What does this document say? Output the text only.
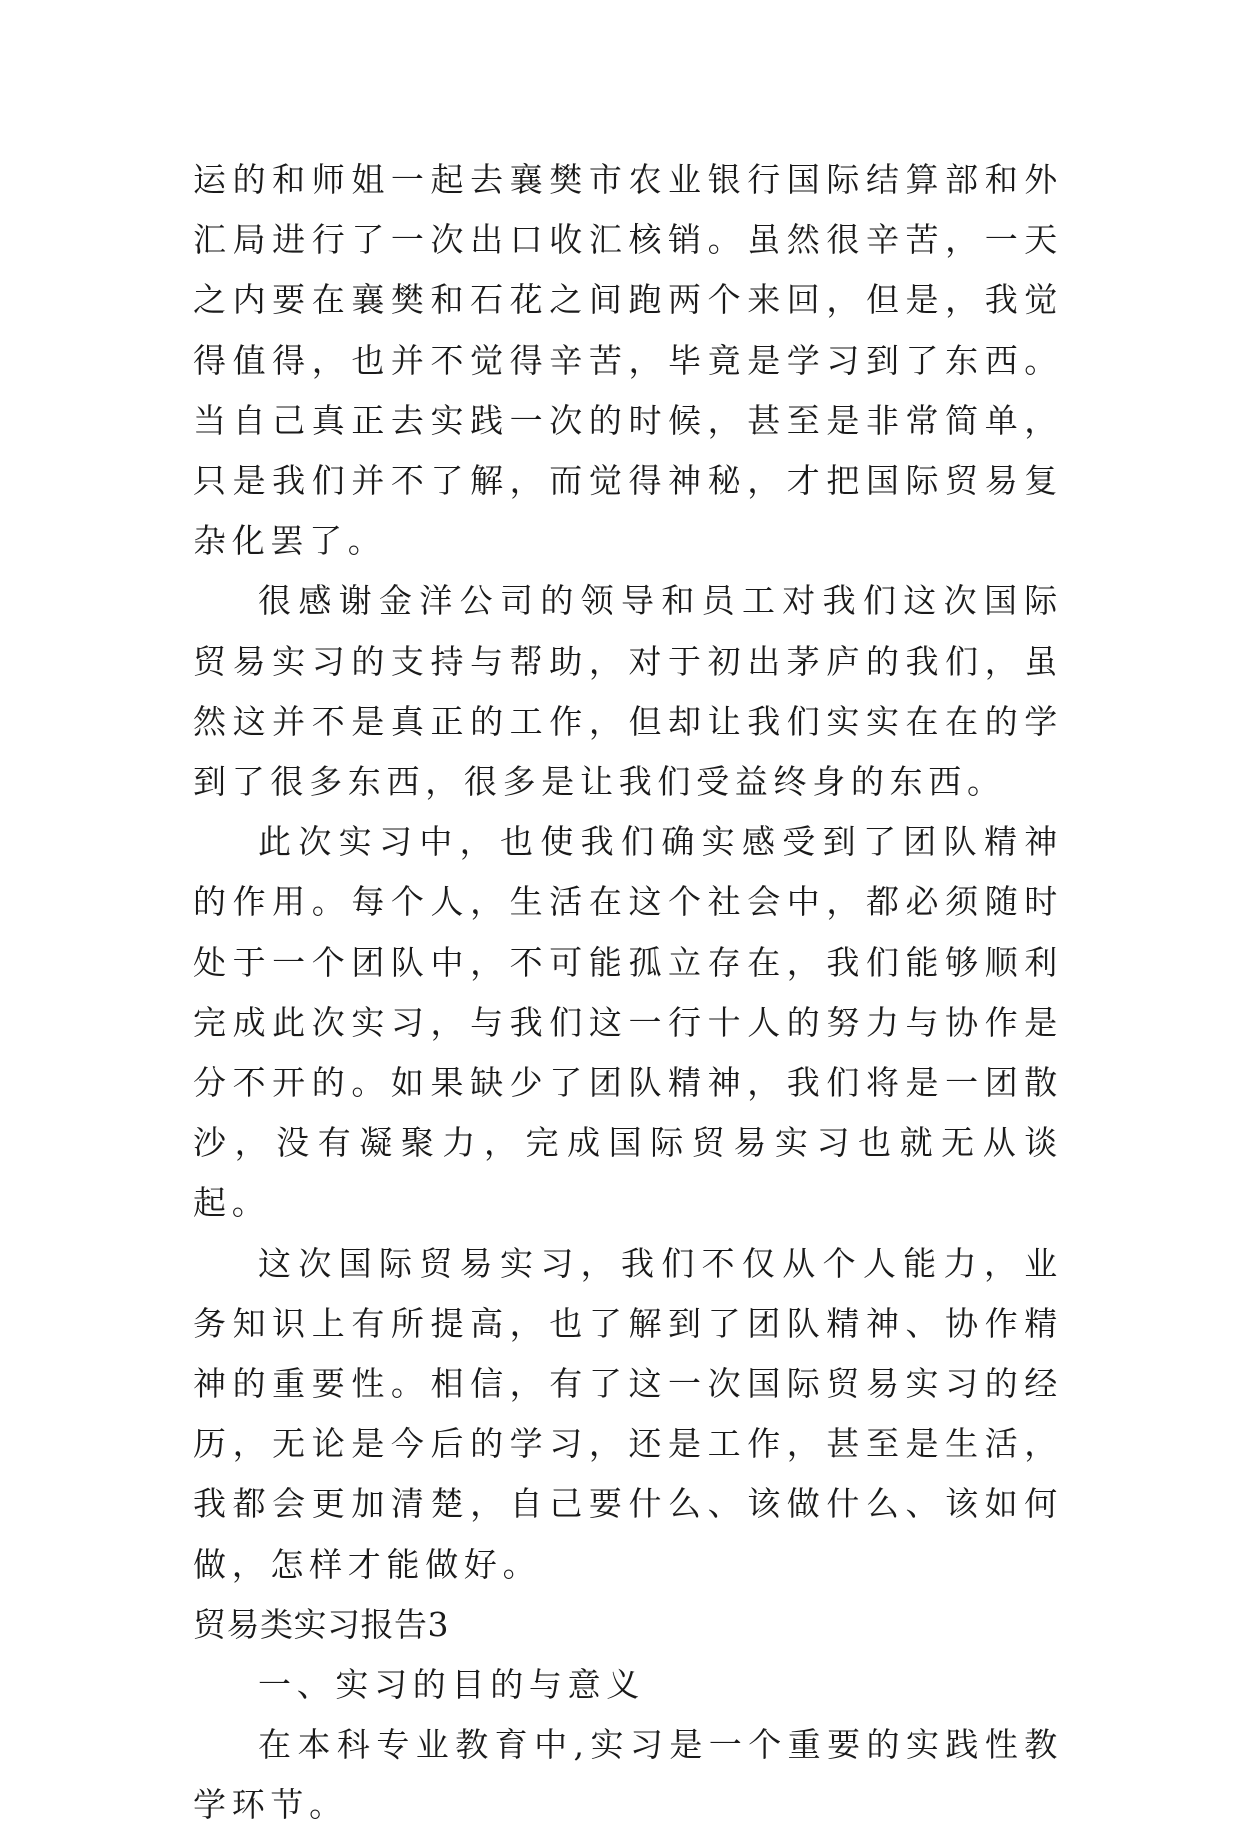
运的和师姐一起去襄樊市农业银行国际结算部和外汇局进行了一次出口收汇核销。虽然很辛苦，一天之内要在襄樊和石花之间跑两个来回，但是，我觉得值得，也并不觉得辛苦，毕竟是学习到了东西。当自己真正去实践一次的时候，甚至是非常简单，只是我们并不了解，而觉得神秘，才把国际贸易复杂化罢了。

很感谢金洋公司的领导和员工对我们这次国际贸易实习的支持与帮助，对于初出茅庐的我们，虽然这并不是真正的工作，但却让我们实实在在的学到了很多东西，很多是让我们受益终身的东西。

此次实习中，也使我们确实感受到了团队精神的作用。每个人，生活在这个社会中，都必须随时处于一个团队中，不可能孤立存在，我们能够顺利完成此次实习，与我们这一行十人的努力与协作是分不开的。如果缺少了团队精神，我们将是一团散沙，没有凝聚力，完成国际贸易实习也就无从谈起。

这次国际贸易实习，我们不仅从个人能力，业务知识上有所提高，也了解到了团队精神、协作精神的重要性。相信，有了这一次国际贸易实习的经历，无论是今后的学习，还是工作，甚至是生活，我都会更加清楚，自己要什么、该做什么、该如何做，怎样才能做好。

贸易类实习报告3

一、实习的目的与意义

在本科专业教育中,实习是一个重要的实践性教学环节。
